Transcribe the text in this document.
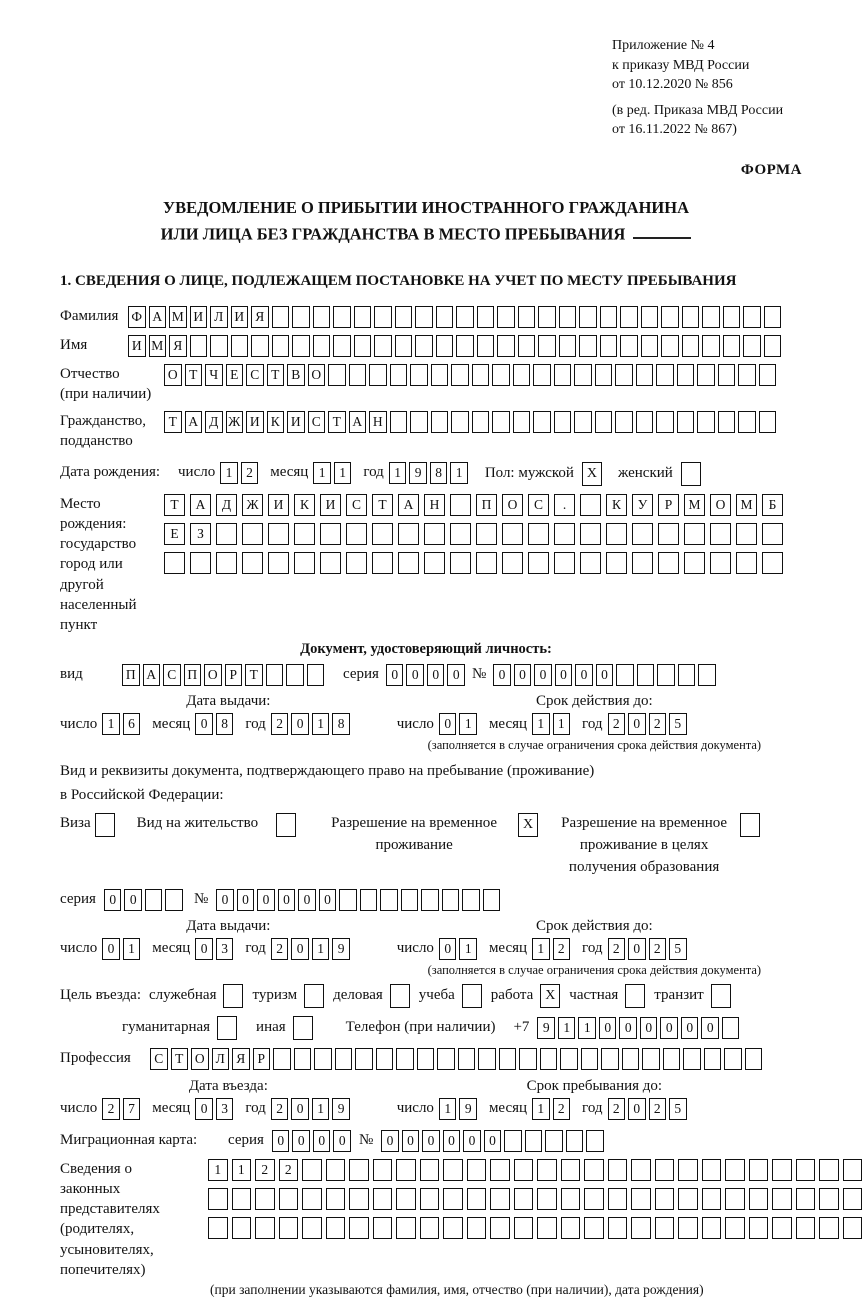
Приложение № 4
к приказу МВД России
от 10.12.2020 № 856
(в ред. Приказа МВД России
от 16.11.2022 № 867)
ФОРМА
УВЕДОМЛЕНИЕ О ПРИБЫТИИ ИНОСТРАННОГО ГРАЖДАНИНА
ИЛИ ЛИЦА БЕЗ ГРАЖДАНСТВА В МЕСТО ПРЕБЫВАНИЯ
1. СВЕДЕНИЯ О ЛИЦЕ, ПОДЛЕЖАЩЕМ ПОСТАНОВКЕ НА УЧЕТ ПО МЕСТУ ПРЕБЫВАНИЯ
Фамилия Ф А М И Л И Я
Имя	И М Я
Отчество
(при наличии)
О Т Ч Е С Т В О
Гражданство,
подданство
Т А Д Ж И К И С Т А Н
Дата рождения:	число 1	2	месяц 1	1	год 1	9	8	1	Пол: мужской X	женский
Место рождения:
государство
город или другой
населенный пункт
Т	А	Д	Ж	И	К	И	С	Т	А	Н	П	О	С	.	К	У	Р	М	О	М	Б
Е	З
Документ, удостоверяющий личность:
вид	П А С П О Р Т	серия 0	0	0	0 № 0	0	0	0	0	0
Дата выдачи:
число 1	6	месяц 0	8	год 2	0	1	8
Срок действия до:
число 0	1	месяц 1	1	год 2	0	2	5
(заполняется в случае ограничения срока действия документа)
Вид и реквизиты документа, подтверждающего право на пребывание (проживание)
в Российской Федерации:
Виза	Вид на жительство	Разрешение на временное проживание
X	Разрешение на временное проживание в целях получения образования
серия 0	0	№ 0	0	0	0	0	0
Дата выдачи:
число 0	1	месяц 0	3	год 2	0	1	9
Срок действия до:
число 0	1	месяц 1	2	год 2	0	2	5
(заполняется в случае ограничения срока действия документа)
Цель въезда: служебная туризм деловая учеба работа X частная транзит
гуманитарная	иная	Телефон (при наличии) +7 9	1	1	0	0	0	0	0	0
Профессия	С Т О Л Я Р
Дата въезда:
число 2	7	месяц 0	3	год 2	0	1	9
Срок пребывания до:
число 1	9	месяц 1	2	год 2	0	2	5
Миграционная карта:	серия 0	0	0	0 № 0	0	0	0	0	0
Сведения о
законных
представителях
(родителях,
усыновителях,
попечителях)
1	1	2	2
(при заполнении указываются фамилия, имя, отчество (при наличии), дата рождения)
